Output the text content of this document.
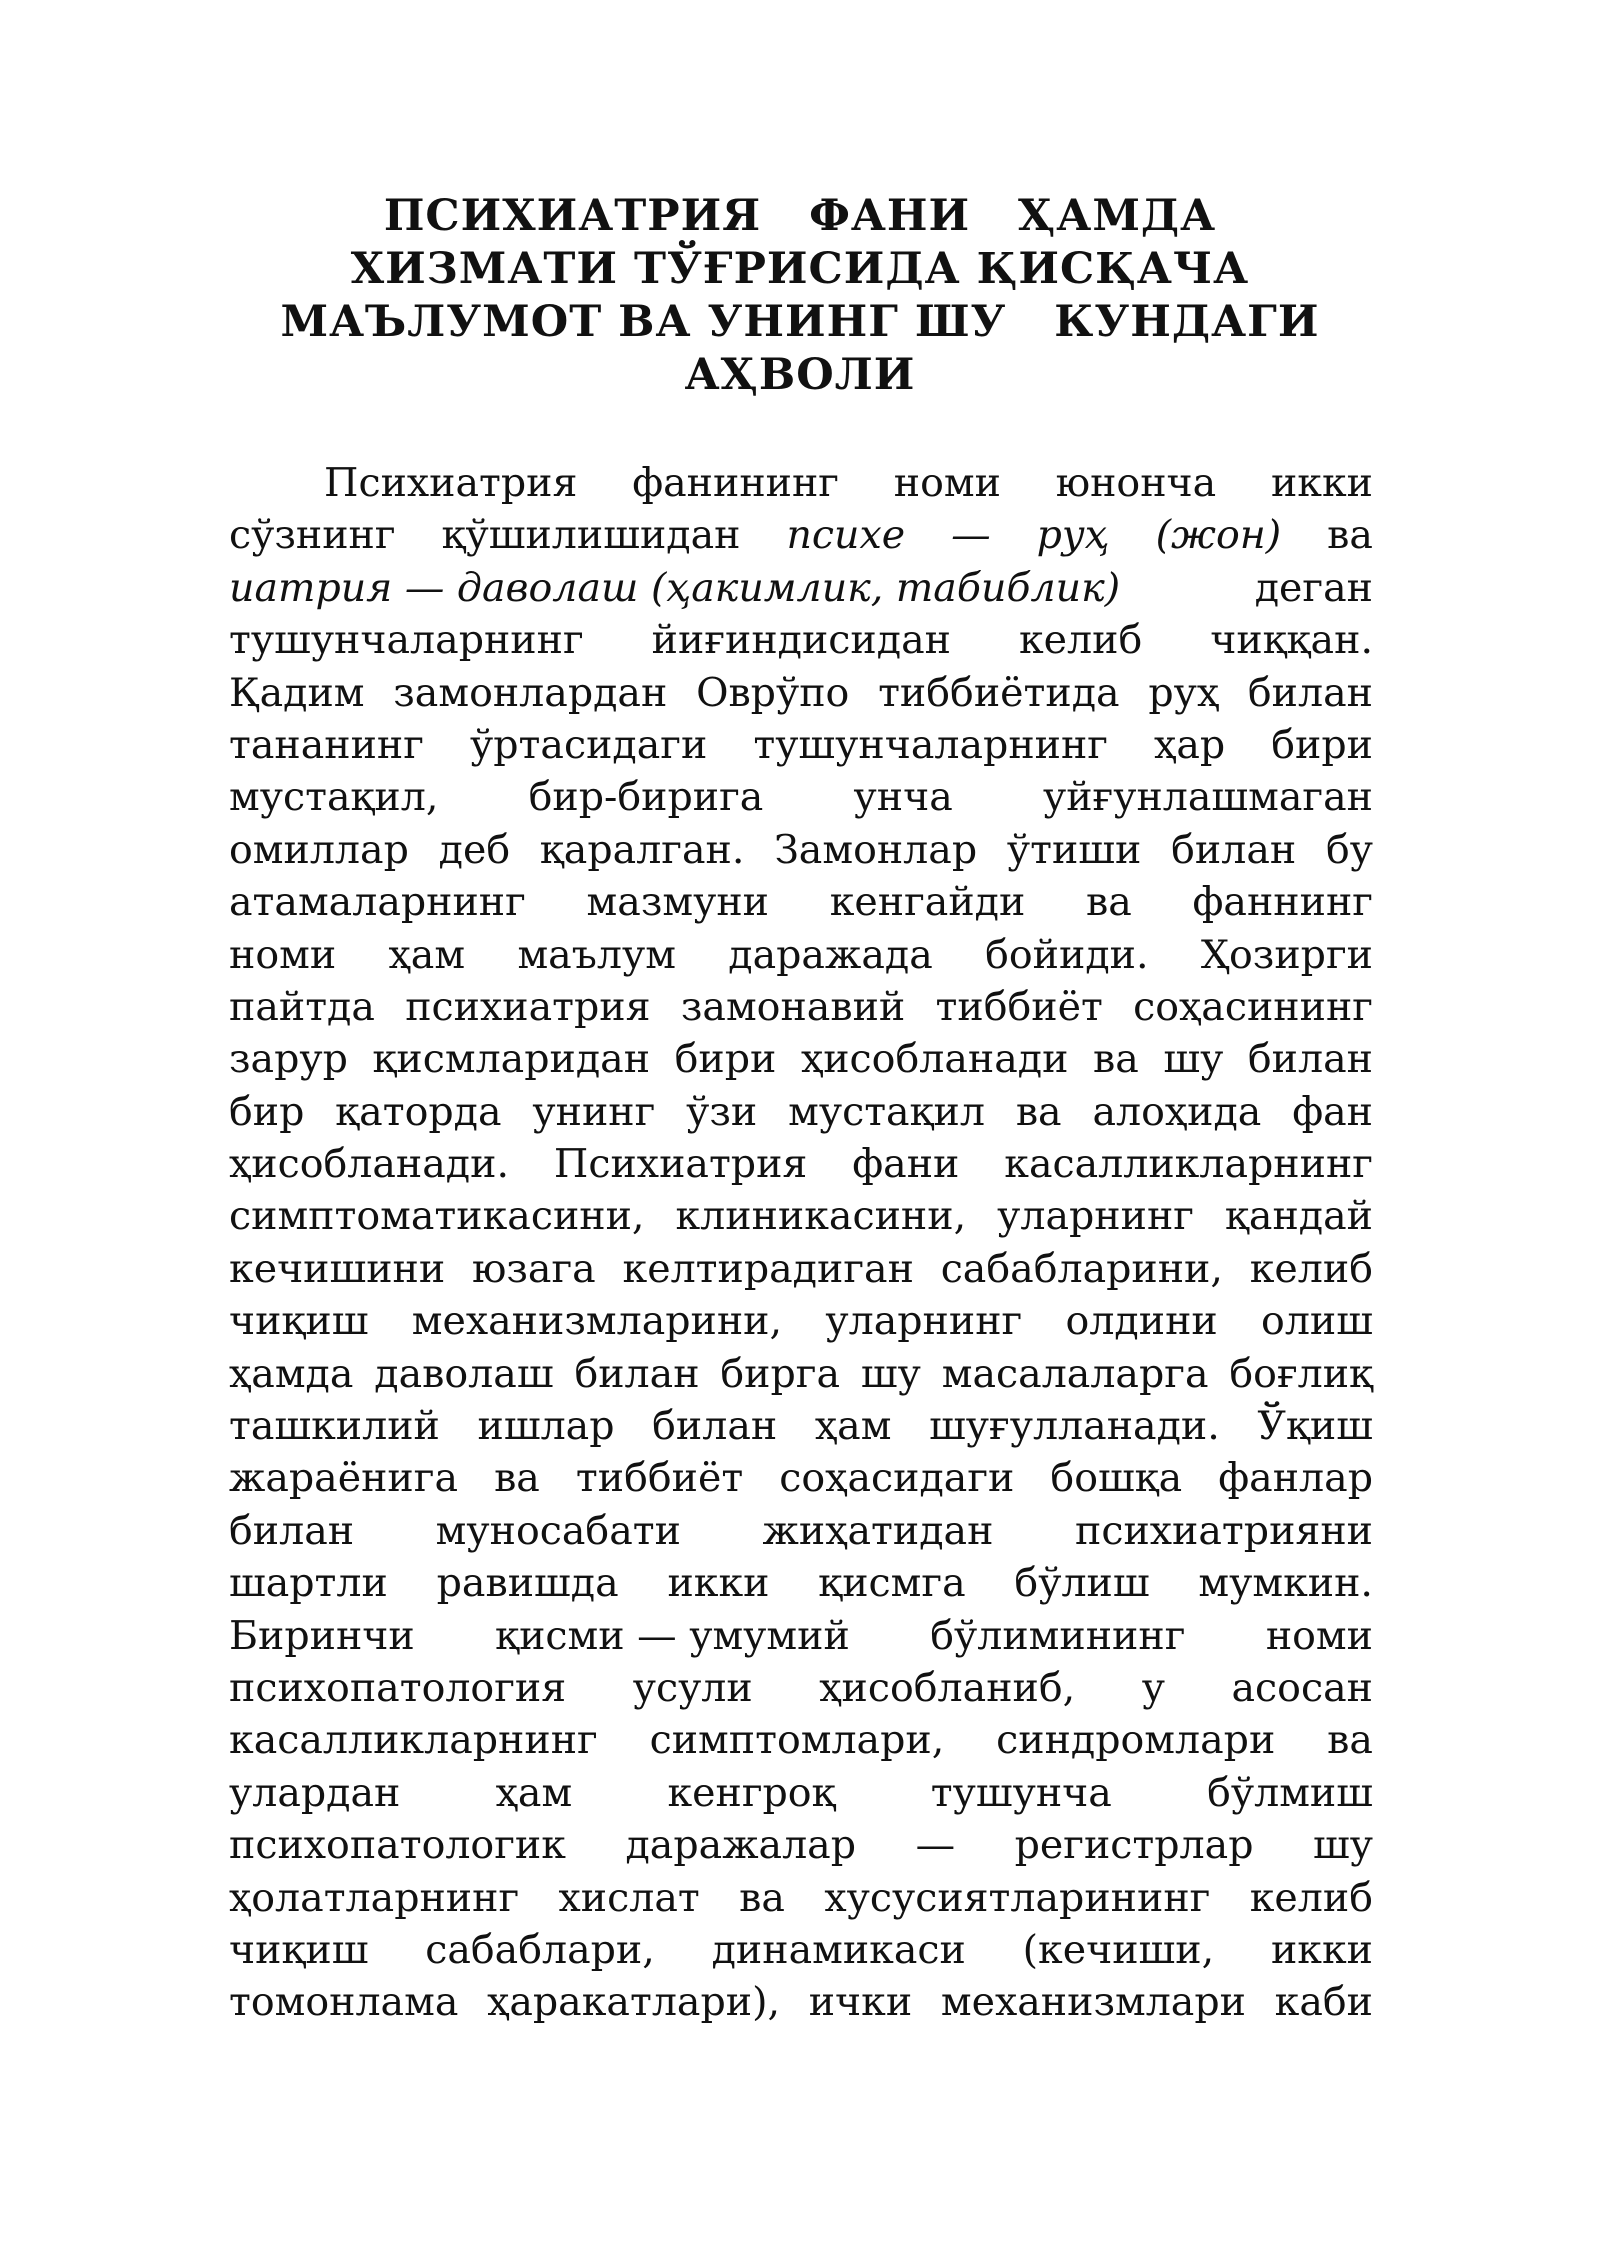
ПСИХИАТРИЯ   ФАНИ   ҲАМДА
ХИЗМАТИ ТЎҒРИСИДА ҚИСҚАЧА
МАЪЛУМОТ ВА УНИНГ ШУ   КУНДАГИ
АҲВОЛИ
Психиатрия фанининг номи юнонча икки
сўзнинг қўшилишидан психе — руҳ (жон) ва
иатрия — даволаш (ҳакимлик, табиблик)	деган
тушунчаларнинг йиғиндисидан келиб чиққан.
Қадим замонлардан Оврўпо тиббиётида руҳ билан
тананинг ўртасидаги тушунчаларнинг ҳар бири
мустақил, бир-бирига унча уйғунлашмаган
омиллар деб қаралган. Замонлар ўтиши билан бу
атамаларнинг мазмуни кенгайди ва фаннинг
номи ҳам маълум даражада бойиди. Ҳозирги
пайтда психиатрия замонавий тиббиёт соҳасининг
зарур қисмларидан бири ҳисобланади ва шу билан
бир қаторда унинг ўзи мустақил ва алоҳида фан
ҳисобланади. Психиатрия фани касалликларнинг
симптоматикасини, клиникасини, уларнинг қандай
кечишини юзага келтирадиган сабабларини, келиб
чиқиш механизмларини, уларнинг олдини олиш
ҳамда даволаш билан бирга шу масалаларга боғлиқ
ташкилий ишлар билан ҳам шуғулланади. Ўқиш
жараёнига ва тиббиёт соҳасидаги бошқа фанлар
билан муносабати жиҳатидан психиатрияни
шартли равишда икки қисмга бўлиш мумкин.
Биринчи қисми — умумий бўлимининг номи
психопатология усули ҳисобланиб, у асосан
касалликларнинг симптомлари, синдромлари ва
улардан ҳам кенгроқ тушунча бўлмиш
психопатологик даражалар — регистрлар шу
ҳолатларнинг хислат ва хусусиятларининг келиб
чиқиш сабаблари, динамикаси (кечиши, икки
томонлама ҳаракатлари), ички механизмлари каби
